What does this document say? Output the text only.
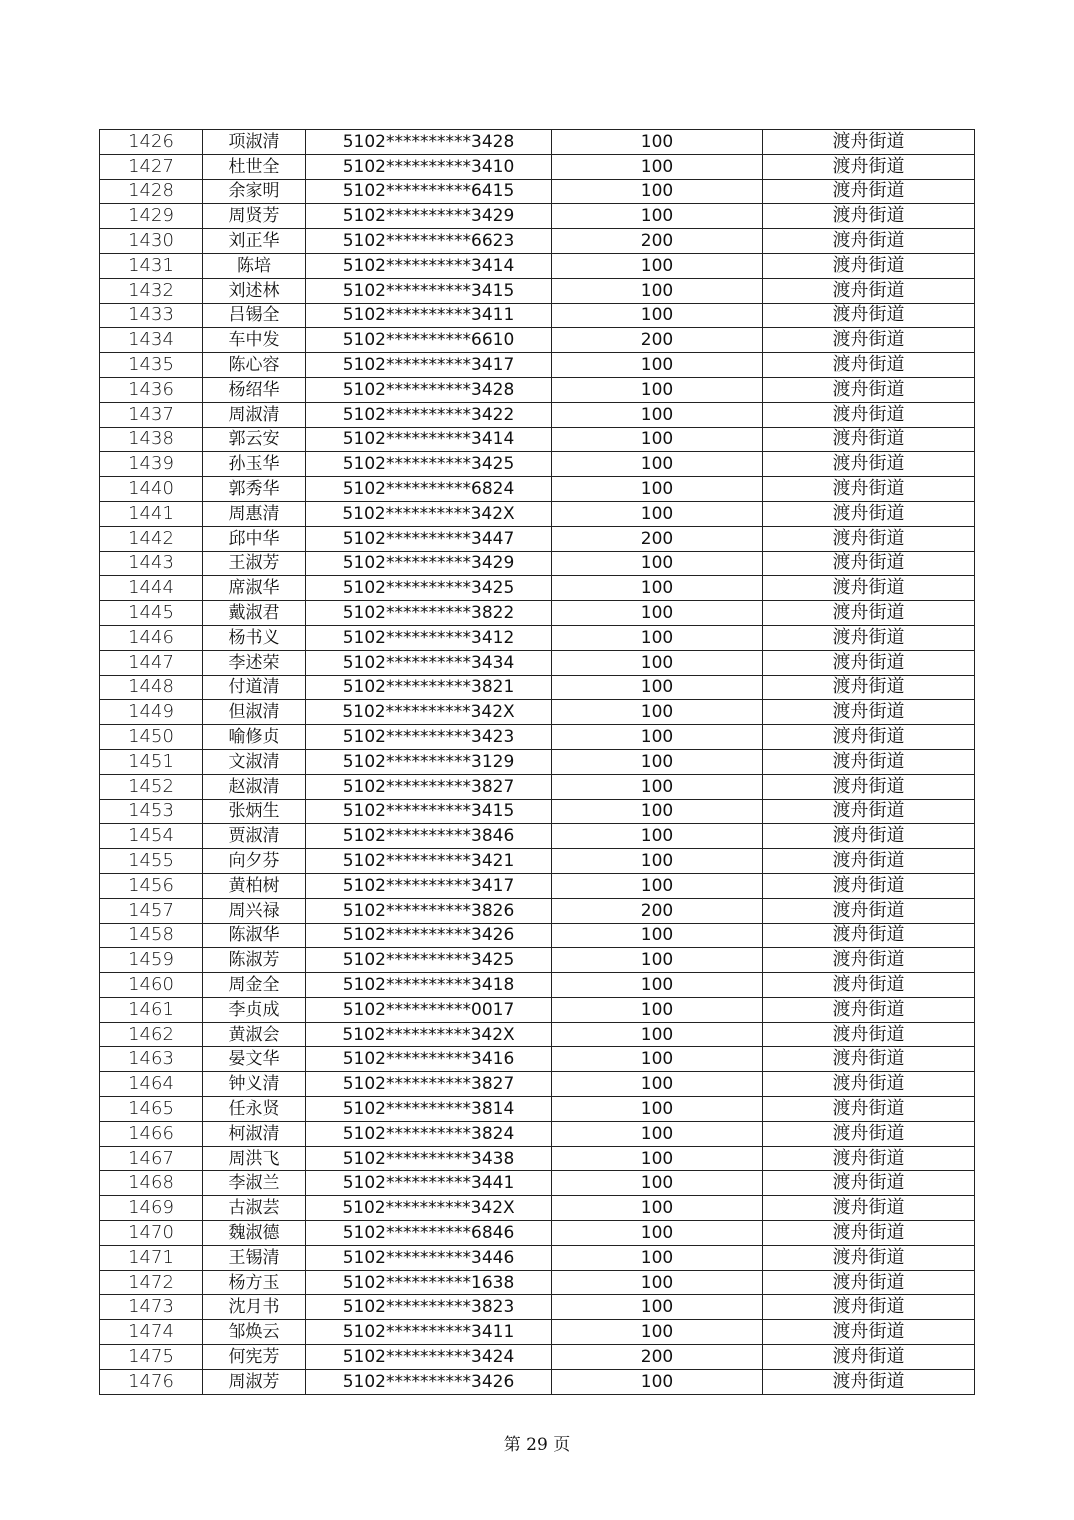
1426	项淑清	5102**********3428	100	渡舟街道
1427	杜世全	5102**********3410	100	渡舟街道
1428	余家明	5102**********6415	100	渡舟街道
1429	周贤芳	5102**********3429	100	渡舟街道
1430	刘正华	5102**********6623	200	渡舟街道
1431	陈培	5102**********3414	100	渡舟街道
1432	刘述林	5102**********3415	100	渡舟街道
1433	吕锡全	5102**********3411	100	渡舟街道
1434	车中发	5102**********6610	200	渡舟街道
1435	陈心容	5102**********3417	100	渡舟街道
1436	杨绍华	5102**********3428	100	渡舟街道
1437	周淑清	5102**********3422	100	渡舟街道
1438	郭云安	5102**********3414	100	渡舟街道
1439	孙玉华	5102**********3425	100	渡舟街道
1440	郭秀华	5102**********6824	100	渡舟街道
1441	周惠清	5102**********342X	100	渡舟街道
1442	邱中华	5102**********3447	200	渡舟街道
1443	王淑芳	5102**********3429	100	渡舟街道
1444	席淑华	5102**********3425	100	渡舟街道
1445	戴淑君	5102**********3822	100	渡舟街道
1446	杨书义	5102**********3412	100	渡舟街道
1447	李述荣	5102**********3434	100	渡舟街道
1448	付道清	5102**********3821	100	渡舟街道
1449	但淑清	5102**********342X	100	渡舟街道
1450	喻修贞	5102**********3423	100	渡舟街道
1451	文淑清	5102**********3129	100	渡舟街道
1452	赵淑清	5102**********3827	100	渡舟街道
1453	张炳生	5102**********3415	100	渡舟街道
1454	贾淑清	5102**********3846	100	渡舟街道
1455	向夕芬	5102**********3421	100	渡舟街道
1456	黄柏树	5102**********3417	100	渡舟街道
1457	周兴禄	5102**********3826	200	渡舟街道
1458	陈淑华	5102**********3426	100	渡舟街道
1459	陈淑芳	5102**********3425	100	渡舟街道
1460	周金全	5102**********3418	100	渡舟街道
1461	李贞成	5102**********0017	100	渡舟街道
1462	黄淑会	5102**********342X	100	渡舟街道
1463	晏文华	5102**********3416	100	渡舟街道
1464	钟义清	5102**********3827	100	渡舟街道
1465	任永贤	5102**********3814	100	渡舟街道
1466	柯淑清	5102**********3824	100	渡舟街道
1467	周洪飞	5102**********3438	100	渡舟街道
1468	李淑兰	5102**********3441	100	渡舟街道
1469	古淑芸	5102**********342X	100	渡舟街道
1470	魏淑德	5102**********6846	100	渡舟街道
1471	王锡清	5102**********3446	100	渡舟街道
1472	杨方玉	5102**********1638	100	渡舟街道
1473	沈月书	5102**********3823	100	渡舟街道
1474	邹焕云	5102**********3411	100	渡舟街道
1475	何宪芳	5102**********3424	200	渡舟街道
1476	周淑芳	5102**********3426	100	渡舟街道
第 29 页
